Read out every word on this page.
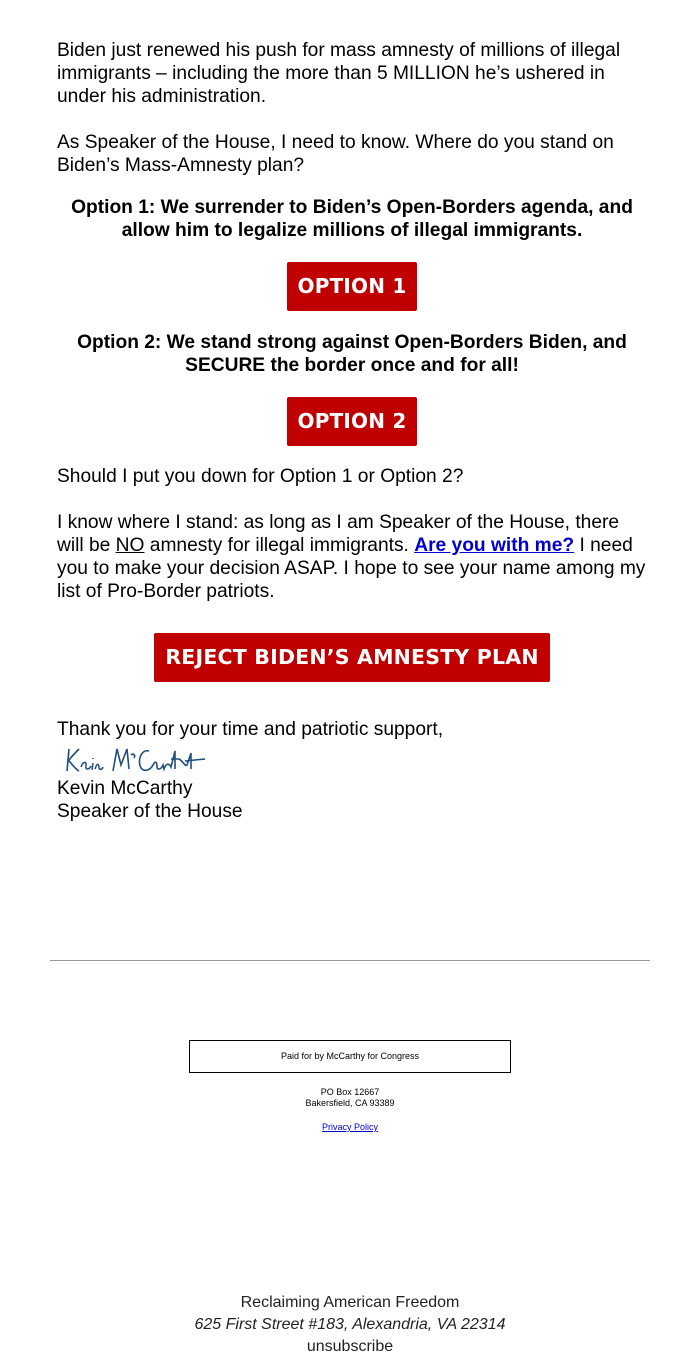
Biden just renewed his push for mass amnesty of millions of illegal immigrants – including the more than 5 MILLION he’s ushered in under his administration.

As Speaker of the House, I need to know. Where do you stand on Biden’s Mass-Amnesty plan?

Option 1: We surrender to Biden’s Open-Borders agenda, and allow him to legalize millions of illegal immigrants.

OPTION 1

Option 2: We stand strong against Open-Borders Biden, and
SECURE the border once and for all!

OPTION 2

Should I put you down for Option 1 or Option 2?

I know where I stand: as long as I am Speaker of the House, there will be NO amnesty for illegal immigrants. Are you with me? I need you to make your decision ASAP. I hope to see your name among my list of Pro-Border patriots.

REJECT BIDEN’S AMNESTY PLAN

Thank you for your time and patriotic support,

Kevin McCarthy

Speaker of the House

Paid for by McCarthy for Congress
PO Box 12667
Bakersfield, CA 93389
Privacy Policy
Reclaiming American Freedom
625 First Street #183, Alexandria, VA 22314
unsubscribe
